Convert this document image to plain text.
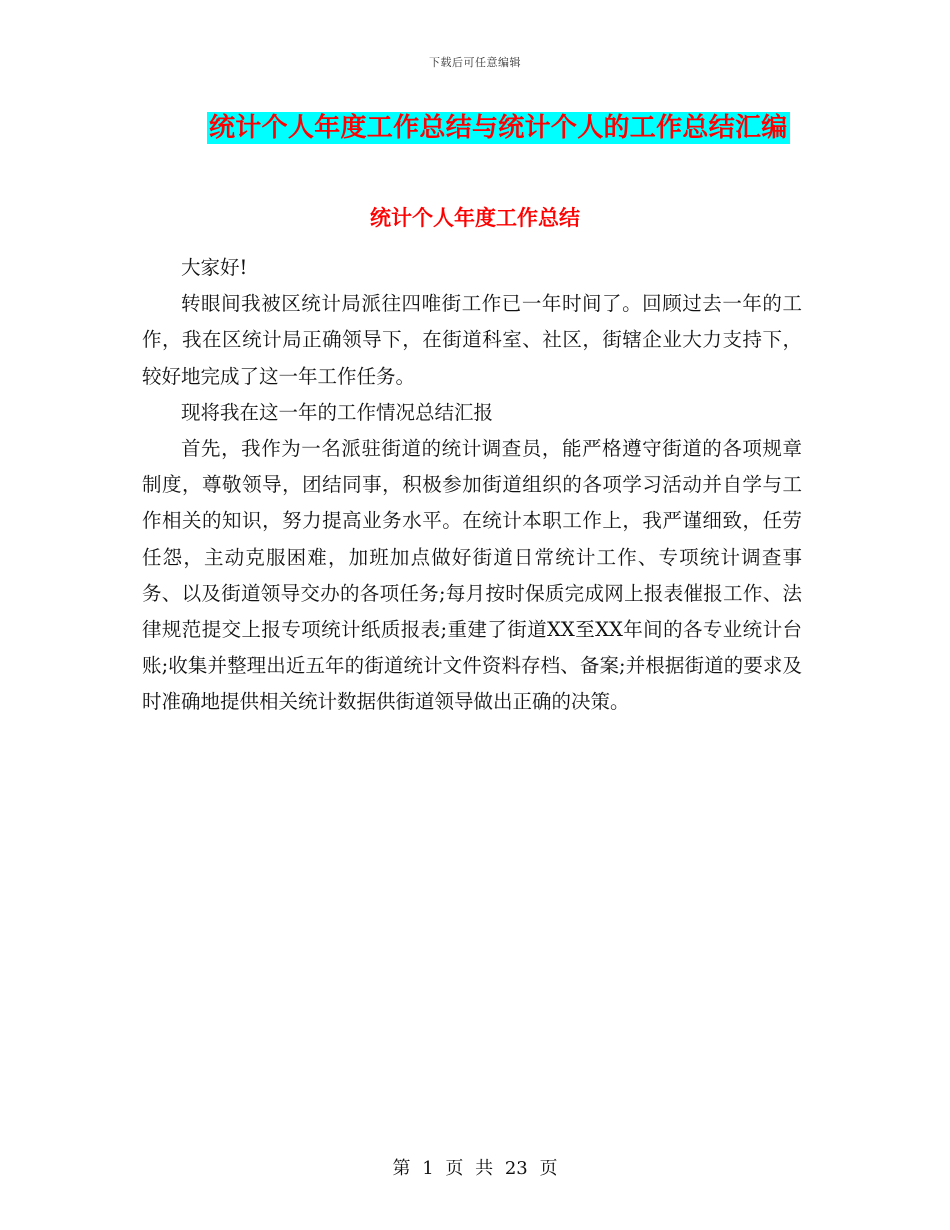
下载后可任意编辑
统计个人年度工作总结与统计个人的工作总结汇编
统计个人年度工作总结

大家好!

转眼间我被区统计局派往四唯街工作已一年时间了。回顾过去一年的工作，我在区统计局正确领导下，在街道科室、社区，街辖企业大力支持下，较好地完成了这一年工作任务。

现将我在这一年的工作情况总结汇报

首先，我作为一名派驻街道的统计调查员，能严格遵守街道的各项规章制度，尊敬领导，团结同事，积极参加街道组织的各项学习活动并自学与工作相关的知识，努力提高业务水平。在统计本职工作上，我严谨细致，任劳任怨，主动克服困难，加班加点做好街道日常统计工作、专项统计调查事务、以及街道领导交办的各项任务;每月按时保质完成网上报表催报工作、法律规范提交上报专项统计纸质报表;重建了街道XX至XX年间的各专业统计台账;收集并整理出近五年的街道统计文件资料存档、备案;并根据街道的要求及时准确地提供相关统计数据供街道领导做出正确的决策。

第 1 页 共 23 页
